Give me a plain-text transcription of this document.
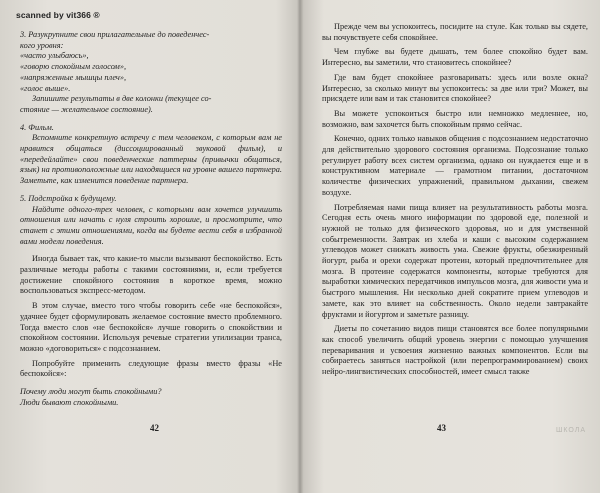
scanned by vit366 ®
3. Разукрупните свои прилагательные до поведенчес-
кого уровня:
«часто улыбаюсь»,
«говорю спокойным голосом»,
«напряженные мышцы плеч»,
«голос выше».
Запишите результаты в две колонки (текущее со-
стояние — желательное состояние).
4. Фильм.

Вспомните конкретную встречу с тем человеком, с которым вам не нравится общаться (диссоциированный звуковой фильм), и «передейлайте» свои поведенческие паттерны (привычки общаться, язык) на противоположные или находящиеся на уровне вашего партнера. Заметьте, как изменится поведение партнера.

5. Подстройка к будущему.

Найдите одного-трех человек, с которыми вам хочется улучшить отношения или начать с нуля строить хорошие, и просмотрите, что станет с этими отношениями, когда вы будете вести себя в избранной вами модели поведения.

Иногда бывает так, что какие-то мысли вызывают беспокойство. Есть различные методы работы с такими состояниями, и, если требуется достижение спокойного состояния в короткое время, можно воспользоваться экспресс-методом.

В этом случае, вместо того чтобы говорить себе «не беспокойся», удачнее будет сформулировать желаемое состояние вместо проблемного. Тогда вместо слов «не беспокойся» лучше говорить о спокойствии и спокойном состоянии. Используя речевые стратегии утилизации транса, можно «договориться» с подсознанием.

Попробуйте применить следующие фразы вместо фразы «Не беспокойся»:

Почему люди могут быть спокойными?
Люди бывают спокойными.
42

Прежде чем вы успокоитесь, посидите на стуле. Как только вы сядете, вы почувствуете себя спокойнее.

Чем глубже вы будете дышать, тем более спокойно будет вам. Интересно, вы заметили, что становитесь спокойнее?

Где вам будет спокойнее разговаривать: здесь или возле окна? Интересно, за сколько минут вы успокоитесь: за две или три? Может, вы присядете или вам и так становится спокойнее?

Вы можете успокоиться быстро или немножко медленнее, но, возможно, вам захочется быть спокойным прямо сейчас.

Конечно, одних только навыков общения с подсознанием недостаточно для действительно здорового состояния организма. Подсознание только регулирует работу всех систем организма, однако он нуждается еще и в конструктивном материале — грамотном питании, достаточном количестве физических упражнений, правильном дыхании, свежем воздухе.

Потребляемая нами пища влияет на результативность работы мозга. Сегодня есть очень много информации по здоровой еде, полезной и нужной не только для физического здоровья, но и для умственной событременности. Завтрак из хлеба и каши с высоким содержанием углеводов может снижать живость ума. Свежие фрукты, обезжиренный йогурт, рыба и орехи содержат протеин, который предпочтительнее для мозга. В протеине содержатся компоненты, которые требуются для выработки химических передатчиков импульсов мозга, для живости ума и быстрого мышления. Ни несколько дней сократите прием углеводов и замете, как это влияет на собственность. Около недели завтракайте фруктами и йогуртом и заметьте разницу.

Диеты по сочетанию видов пищи становятся все более популярными как способ увеличить общий уровень энергии с помощью улучшения переваривания и усвоения жизненно важных компонентов. Если вы собираетесь заняться настройкой (или перепрограммированием) своих нейро-лингвистических способностей, имеет смысл также

43	ШКОЛА
